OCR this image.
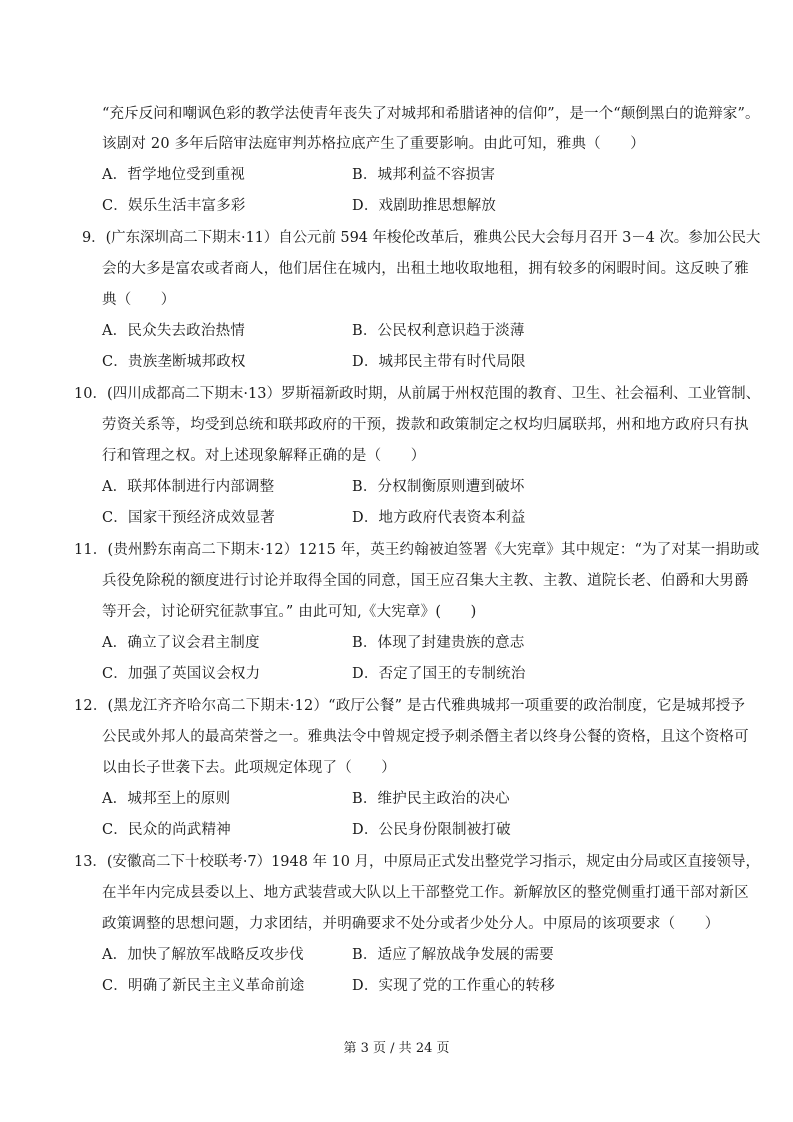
“充斥反问和嘲讽色彩的教学法使青年丧失了对城邦和希腊诸神的信仰”，是一个“颠倒黑白的诡辩家”。
该剧对 20 多年后陪审法庭审判苏格拉底产生了重要影响。由此可知，雅典（　　）
A．哲学地位受到重视	B．城邦利益不容损害
C．娱乐生活丰富多彩	D．戏剧助推思想解放
9．(广东深圳高二下期末·11）自公元前 594 年梭伦改革后，雅典公民大会每月召开 3－4 次。参加公民大
会的大多是富农或者商人，他们居住在城内，出租土地收取地租，拥有较多的闲暇时间。这反映了雅
典（　　）
A．民众失去政治热情	B．公民权利意识趋于淡薄
C．贵族垄断城邦政权	D．城邦民主带有时代局限
10．(四川成都高二下期末·13）罗斯福新政时期，从前属于州权范围的教育、卫生、社会福利、工业管制、
劳资关系等，均受到总统和联邦政府的干预，拨款和政策制定之权均归属联邦，州和地方政府只有执
行和管理之权。对上述现象解释正确的是（　　）
A．联邦体制进行内部调整	B．分权制衡原则遭到破坏
C．国家干预经济成效显著	D．地方政府代表资本利益
11．(贵州黔东南高二下期末·12）1215 年，英王约翰被迫签署《大宪章》其中规定：“为了对某一捐助或
兵役免除税的额度进行讨论并取得全国的同意，国王应召集大主教、主教、道院长老、伯爵和大男爵
等开会，讨论研究征款事宜。” 由此可知,《大宪章》(　　)
A．确立了议会君主制度	B．体现了封建贵族的意志
C．加强了英国议会权力	D．否定了国王的专制统治
12．(黑龙江齐齐哈尔高二下期末·12）“政厅公餐” 是古代雅典城邦一项重要的政治制度，它是城邦授予
公民或外邦人的最高荣誉之一。雅典法令中曾规定授予刺杀僭主者以终身公餐的资格，且这个资格可
以由长子世袭下去。此项规定体现了（　　）
A．城邦至上的原则	B．维护民主政治的决心
C．民众的尚武精神	D．公民身份限制被打破
13．(安徽高二下十校联考·7）1948 年 10 月，中原局正式发出整党学习指示，规定由分局或区直接领导，
在半年内完成县委以上、地方武装营或大队以上干部整党工作。新解放区的整党侧重打通干部对新区
政策调整的思想问题，力求团结，并明确要求不处分或者少处分人。中原局的该项要求（　　）
A．加快了解放军战略反攻步伐	B．适应了解放战争发展的需要
C．明确了新民主主义革命前途	D．实现了党的工作重心的转移
第 3 页 / 共 24 页
